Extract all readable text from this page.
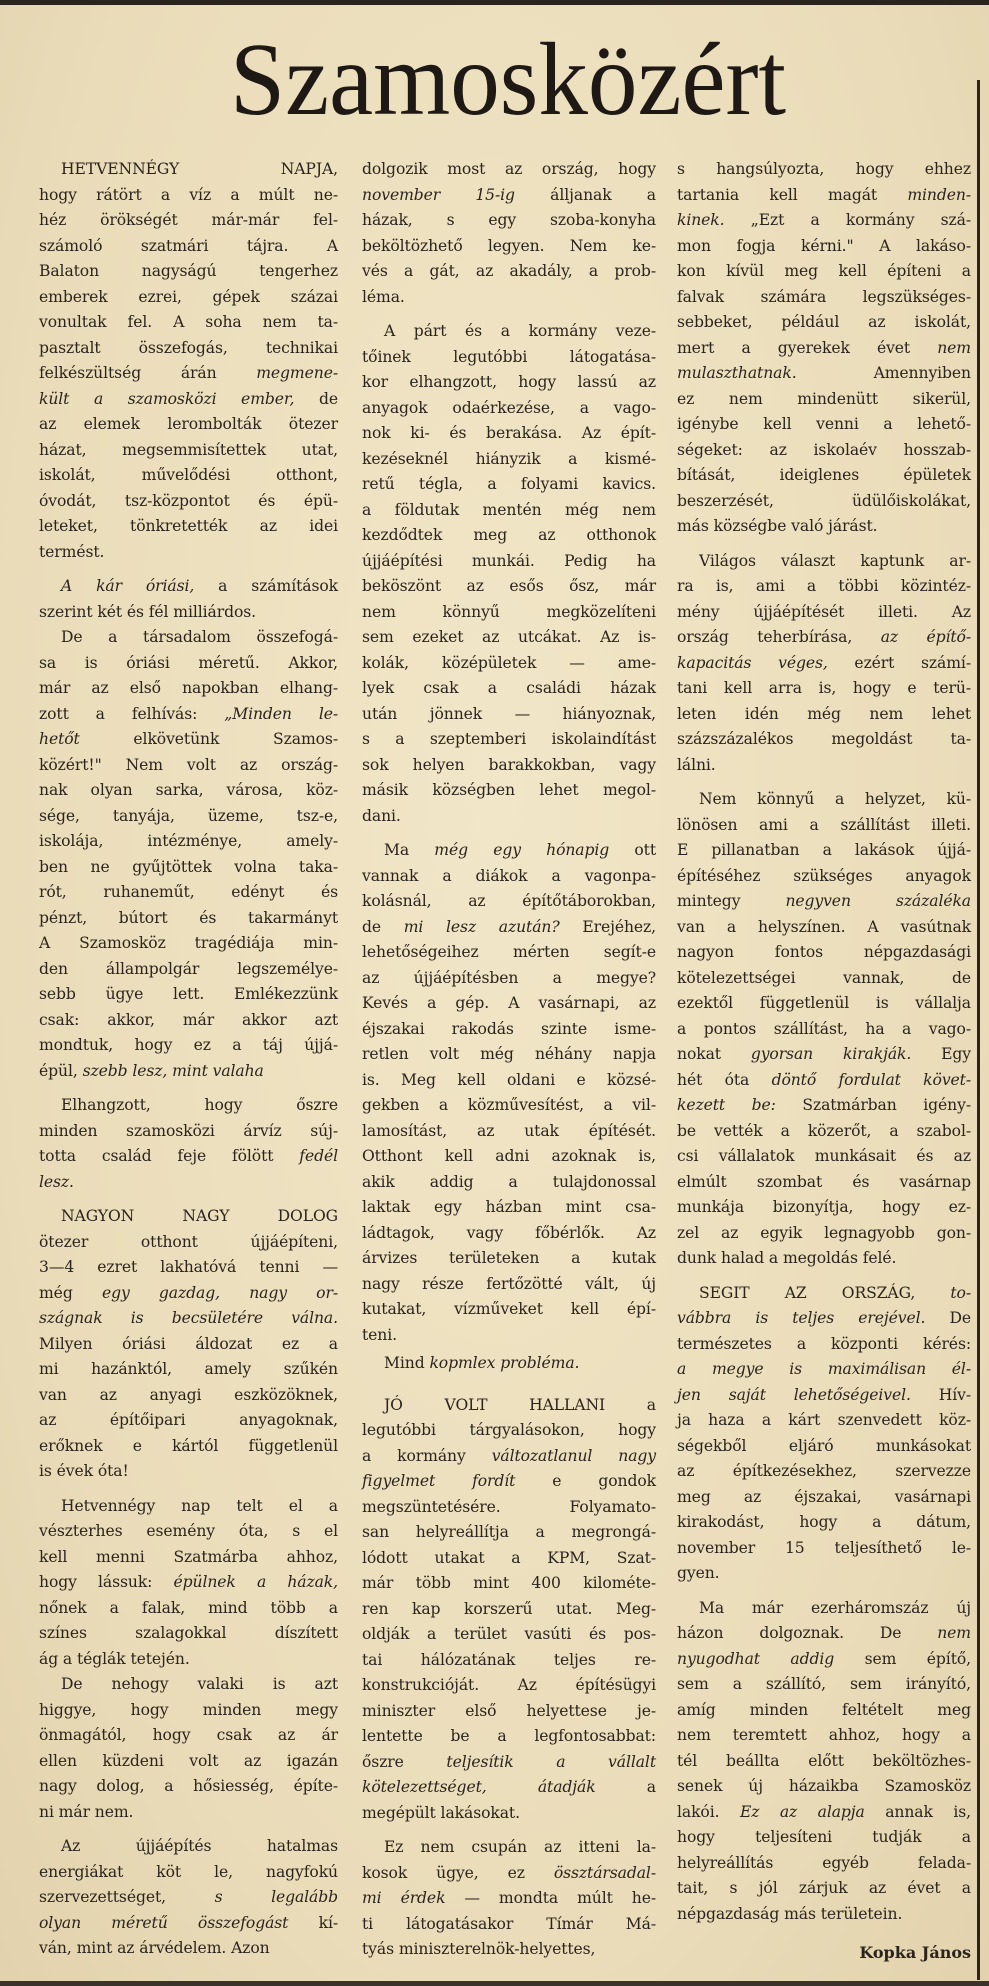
Szamosközért
HETVENNÉGY NAPJA,
hogy rátört a víz a múlt ne-
héz örökségét már-már fel-
számoló szatmári tájra. A
Balaton nagyságú tengerhez
emberek ezrei, gépek százai
vonultak fel. A soha nem ta-
pasztalt összefogás, technikai
felkészültség árán megmene-
kült a szamosközi ember, de
az elemek lerombolták ötezer
házat, megsemmisítettek utat,
iskolát, művelődési otthont,
óvodát, tsz-központot és épü-
leteket, tönkretették az idei
termést.
A kár óriási, a számítások
szerint két és fél milliárdos.
De a társadalom összefogá-
sa is óriási méretű. Akkor,
már az első napokban elhang-
zott a felhívás: „Minden le-
hetőt elkövetünk Szamos-
közért!" Nem volt az ország-
nak olyan sarka, városa, köz-
sége, tanyája, üzeme, tsz-e,
iskolája, intézménye, amely-
ben ne gyűjtöttek volna taka-
rót, ruhaneműt, edényt és
pénzt, bútort és takarmányt
A Szamosköz tragédiája min-
den állampolgár legszemélye-
sebb ügye lett. Emlékezzünk
csak: akkor, már akkor azt
mondtuk, hogy ez a táj újjá-
épül, szebb lesz, mint valaha
Elhangzott, hogy őszre
minden szamosközi árvíz súj-
totta család feje fölött fedél
lesz.
NAGYON NAGY DOLOG
ötezer otthont újjáépíteni,
3—4 ezret lakhatóvá tenni —
még egy gazdag, nagy or-
szágnak is becsületére válna.
Milyen óriási áldozat ez a
mi hazánktól, amely szűkén
van az anyagi eszközöknek,
az építőipari anyagoknak,
erőknek e kártól függetlenül
is évek óta!
Hetvennégy nap telt el a
vészterhes esemény óta, s el
kell menni Szatmárba ahhoz,
hogy lássuk: épülnek a házak,
nőnek a falak, mind több a
színes szalagokkal díszített
ág a téglák tetején.
De nehogy valaki is azt
higgye, hogy minden megy
önmagától, hogy csak az ár
ellen küzdeni volt az igazán
nagy dolog, a hősiesség, építe-
ni már nem.
Az újjáépítés hatalmas
energiákat köt le, nagyfokú
szervezettséget, s legalább
olyan méretű összefogást kí-
ván, mint az árvédelem. Azon
dolgozik most az ország, hogy
november 15-ig álljanak a
házak, s egy szoba-konyha
beköltözhető legyen. Nem ke-
vés a gát, az akadály, a prob-
léma.
A párt és a kormány veze-
tőinek legutóbbi látogatása-
kor elhangzott, hogy lassú az
anyagok odaérkezése, a vago-
nok ki- és berakása. Az épít-
kezéseknél hiányzik a kismé-
retű tégla, a folyami kavics.
a földutak mentén még nem
kezdődtek meg az otthonok
újjáépítési munkái. Pedig ha
beköszönt az esős ősz, már
nem könnyű megközelíteni
sem ezeket az utcákat. Az is-
kolák, középületek — ame-
lyek csak a családi házak
után jönnek — hiányoznak,
s a szeptemberi iskolaindítást
sok helyen barakkokban, vagy
másik községben lehet megol-
dani.
Ma még egy hónapig ott
vannak a diákok a vagonpa-
kolásnál, az építőtáborokban,
de mi lesz azután? Erejéhez,
lehetőségeihez mérten segít-e
az újjáépítésben a megye?
Kevés a gép. A vasárnapi, az
éjszakai rakodás szinte isme-
retlen volt még néhány napja
is. Meg kell oldani e közsé-
gekben a közművesítést, a vil-
lamosítást, az utak építését.
Otthont kell adni azoknak is,
akik addig a tulajdonossal
laktak egy házban mint csa-
ládtagok, vagy főbérlők. Az
árvizes területeken a kutak
nagy része fertőzötté vált, új
kutakat, vízműveket kell épí-
teni.
Mind kopmlex probléma.
JÓ VOLT HALLANI a
legutóbbi tárgyalásokon, hogy
a kormány változatlanul nagy
figyelmet fordít e gondok
megszüntetésére. Folyamato-
san helyreállítja a megrongá-
lódott utakat a KPM, Szat-
már több mint 400 kilométe-
ren kap korszerű utat. Meg-
oldják a terület vasúti és pos-
tai hálózatának teljes re-
konstrukcióját. Az építésügyi
miniszter első helyettese je-
lentette be a legfontosabbat:
őszre teljesítik a vállalt
kötelezettséget, átadják a
megépült lakásokat.
Ez nem csupán az itteni la-
kosok ügye, ez össztársadal-
mi érdek — mondta múlt he-
ti látogatásakor Tímár Má-
tyás miniszterelnök-helyettes,
s hangsúlyozta, hogy ehhez
tartania kell magát minden-
kinek. „Ezt a kormány szá-
mon fogja kérni." A lakáso-
kon kívül meg kell építeni a
falvak számára legszükséges-
sebbeket, például az iskolát,
mert a gyerekek évet nem
mulaszthatnak. Amennyiben
ez nem mindenütt sikerül,
igénybe kell venni a lehető-
ségeket: az iskolaév hosszab-
bítását, ideiglenes épületek
beszerzését, üdülőiskolákat,
más községbe való járást.
Világos választ kaptunk ar-
ra is, ami a többi közintéz-
mény újjáépítését illeti. Az
ország teherbírása, az építő-
kapacitás véges, ezért számí-
tani kell arra is, hogy e terü-
leten idén még nem lehet
százszázalékos megoldást ta-
lálni.
Nem könnyű a helyzet, kü-
lönösen ami a szállítást illeti.
E pillanatban a lakások újjá-
építéséhez szükséges anyagok
mintegy negyven százaléka
van a helyszínen. A vasútnak
nagyon fontos népgazdasági
kötelezettségei vannak, de
ezektől függetlenül is vállalja
a pontos szállítást, ha a vago-
nokat gyorsan kirakják. Egy
hét óta döntő fordulat követ-
kezett be: Szatmárban igény-
be vették a közerőt, a szabol-
csi vállalatok munkásait és az
elmúlt szombat és vasárnap
munkája bizonyítja, hogy ez-
zel az egyik legnagyobb gon-
dunk halad a megoldás felé.
SEGIT AZ ORSZÁG, to-
vábbra is teljes erejével. De
természetes a központi kérés:
a megye is maximálisan él-
jen saját lehetőségeivel. Hív-
ja haza a kárt szenvedett köz-
ségekből eljáró munkásokat
az építkezésekhez, szervezze
meg az éjszakai, vasárnapi
kirakodást, hogy a dátum,
november 15 teljesíthető le-
gyen.
Ma már ezerháromszáz új
házon dolgoznak. De nem
nyugodhat addig sem építő,
sem a szállító, sem irányító,
amíg minden feltételt meg
nem teremtett ahhoz, hogy a
tél beállta előtt beköltözhes-
senek új házaikba Szamosköz
lakói. Ez az alapja annak is,
hogy teljesíteni tudják a
helyreállítás egyéb felada-
tait, s jól zárjuk az évet a
népgazdaság más területein.
Kopka János
